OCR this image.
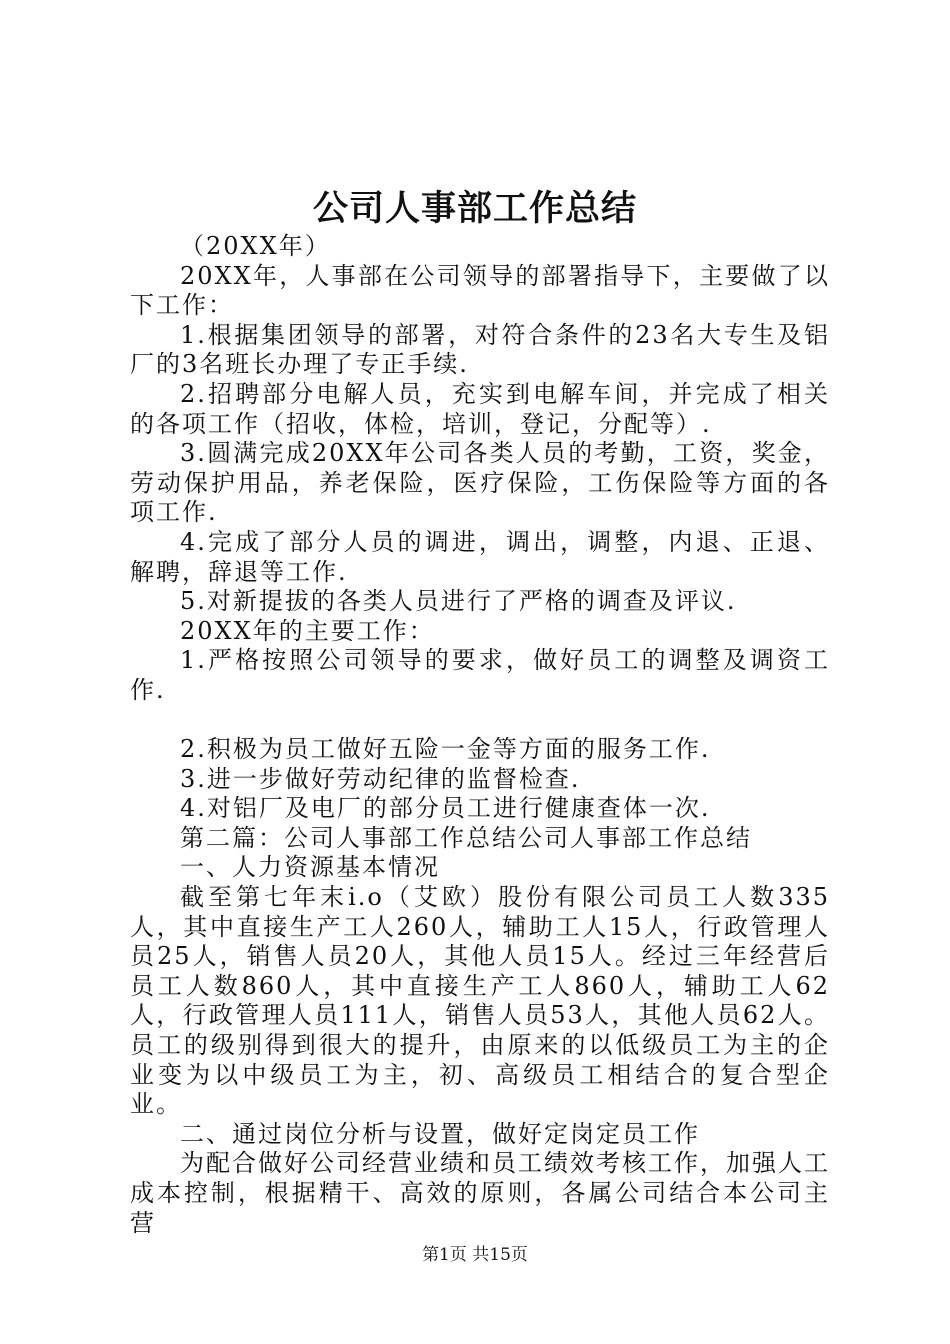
公司人事部工作总结

（20XX年）

20XX年，人事部在公司领导的部署指导下，主要做了以下工作：

1.根据集团领导的部署，对符合条件的23名大专生及铝厂的3名班长办理了专正手续.

2.招聘部分电解人员，充实到电解车间，并完成了相关的各项工作（招收，体检，培训，登记，分配等）.

3.圆满完成20XX年公司各类人员的考勤，工资，奖金，劳动保护用品，养老保险，医疗保险，工伤保险等方面的各项工作.

4.完成了部分人员的调进，调出，调整，内退、正退、解聘，辞退等工作.

5.对新提拔的各类人员进行了严格的调查及评议.

20XX年的主要工作：

1.严格按照公司领导的要求，做好员工的调整及调资工作.

2.积极为员工做好五险一金等方面的服务工作.

3.进一步做好劳动纪律的监督检查.

4.对铝厂及电厂的部分员工进行健康查体一次.

第二篇：公司人事部工作总结公司人事部工作总结

一、人力资源基本情况

截至第七年末i.o（艾欧）股份有限公司员工人数335人，其中直接生产工人260人，辅助工人15人，行政管理人员25人，销售人员20人，其他人员15人。经过三年经营后员工人数860人，其中直接生产工人860人，辅助工人62人，行政管理人员111人，销售人员53人，其他人员62人。员工的级别得到很大的提升，由原来的以低级员工为主的企业变为以中级员工为主，初、高级员工相结合的复合型企业。

二、通过岗位分析与设置，做好定岗定员工作

为配合做好公司经营业绩和员工绩效考核工作，加强人工成本控制，根据精干、高效的原则，各属公司结合本公司主营

第1页 共15页
